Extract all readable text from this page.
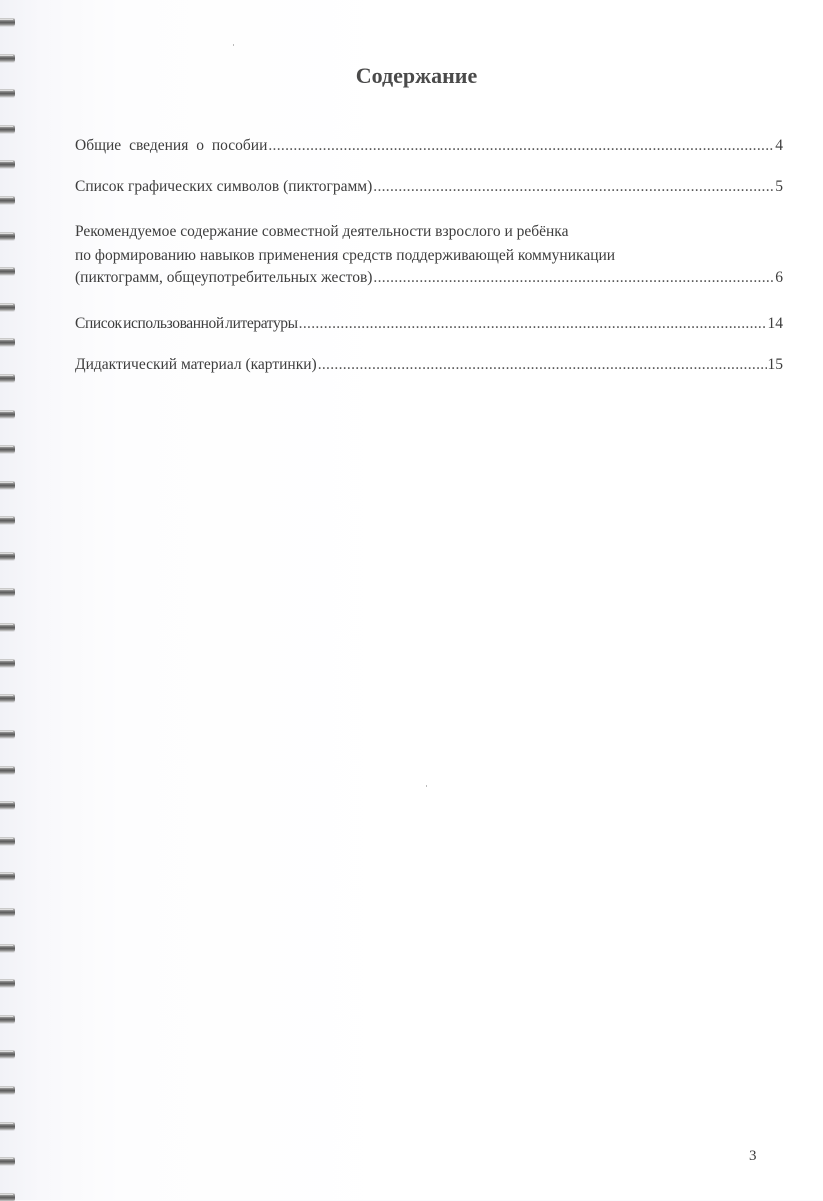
Содержание
Общие сведения о пособии .....	4
Список графических символов (пиктограмм) .....	5
Рекомендуемое содержание совместной деятельности взрослого и ребёнка
по формированию навыков применения средств поддерживающей коммуникации
(пиктограмм, общеупотребительных жестов) .....	6
Список использованной литературы .....	14
Дидактический материал (картинки) .....	15
3
